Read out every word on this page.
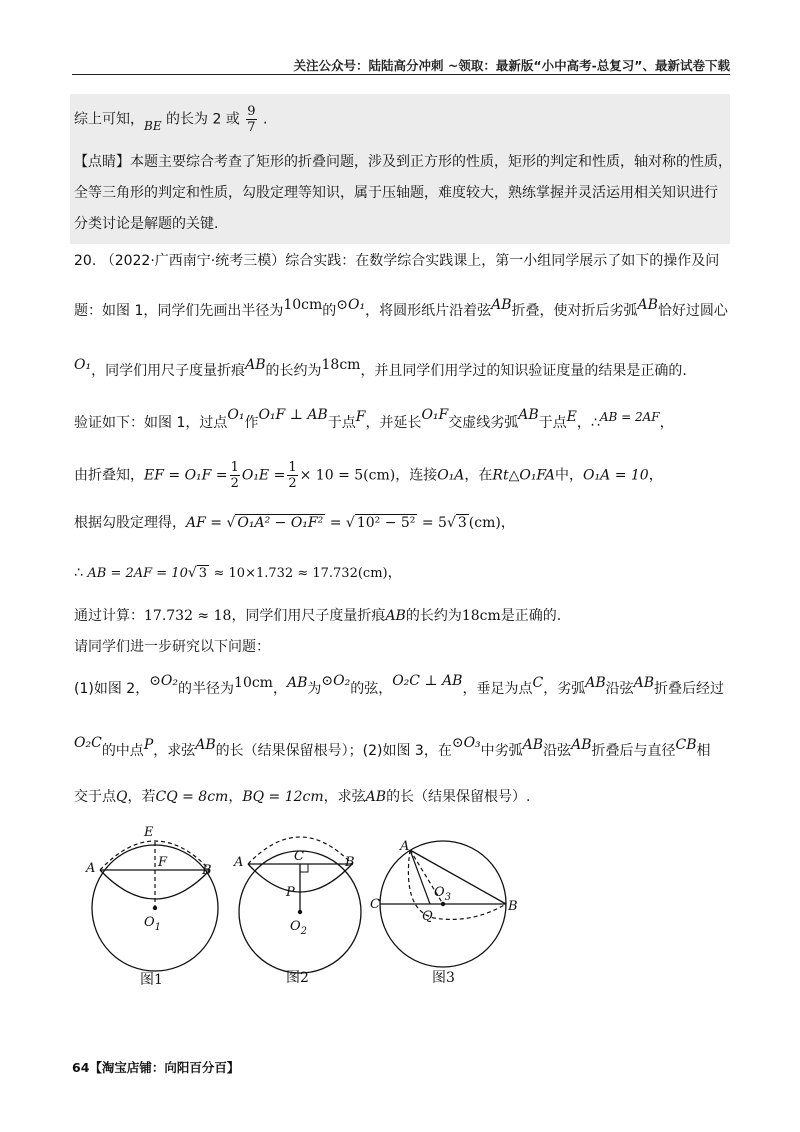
关注公众号：陆陆高分冲刺 ~领取：最新版“小中高考-总复习”、最新试卷下载
综上可知，BE 的长为 2 或 $\frac{9}{7}$ .
【点睛】本题主要综合考查了矩形的折叠问题，涉及到正方形的性质，矩形的判定和性质，轴对称的性质，
全等三角形的判定和性质，勾股定理等知识，属于压轴题，难度较大，熟练掌握并灵活运用相关知识进行
分类讨论是解题的关键.
20. （2022·广西南宁·统考三模）综合实践：在数学综合实践课上，第一小组同学展示了如下的操作及问
题：如图 1，同学们先画出半径为10cm的⊙O₁，将圆形纸片沿着弦AB折叠，使对折后劣弧AB恰好过圆心
O₁，同学们用尺子度量折痕AB的长约为18cm，并且同学们用学过的知识验证度量的结果是正确的.
验证如下：如图 1，过点O₁作O₁F ⊥ AB于点F，并延长O₁F交虚线劣弧AB于点E，∴AB = 2AF，
由折叠知，EF = $O_1F = \frac{1}{2} O_1E = \frac{1}{2} \times 10 = 5(cm)$，连接O₁A，在Rt△O₁FA中，O₁A = 10，
根据勾股定理得，AF = √ O₁A² − O₁F² = √ 10² − 5² = 5√ 3 (cm)，
∴ AB = 2AF = 10√ 3 ≈ 10×1.732 ≈ 17.732(cm)，
通过计算：17.732 ≈ 18，同学们用尺子度量折痕AB的长约为18cm是正确的.
请同学们进一步研究以下问题：
(1)如图 2，⊙O₂的半径为10cm，AB为⊙O₂的弦，O₂C ⊥ AB，垂足为点C，劣弧AB沿弦AB折叠后经过
O₂C的中点P，求弦AB的长（结果保留根号）；(2)如图 3，在⊙O₃中劣弧AB沿弦AB折叠后与直径CB相
交于点Q，若CQ = 8cm，BQ = 12cm，求弦AB的长（结果保留根号）.
E
A	B
F
$O_1$
图1
A	B
C
P
$O_2$
图2
A
C	B
Q
$O_3$
图3
64【淘宝店铺：向阳百分百】
